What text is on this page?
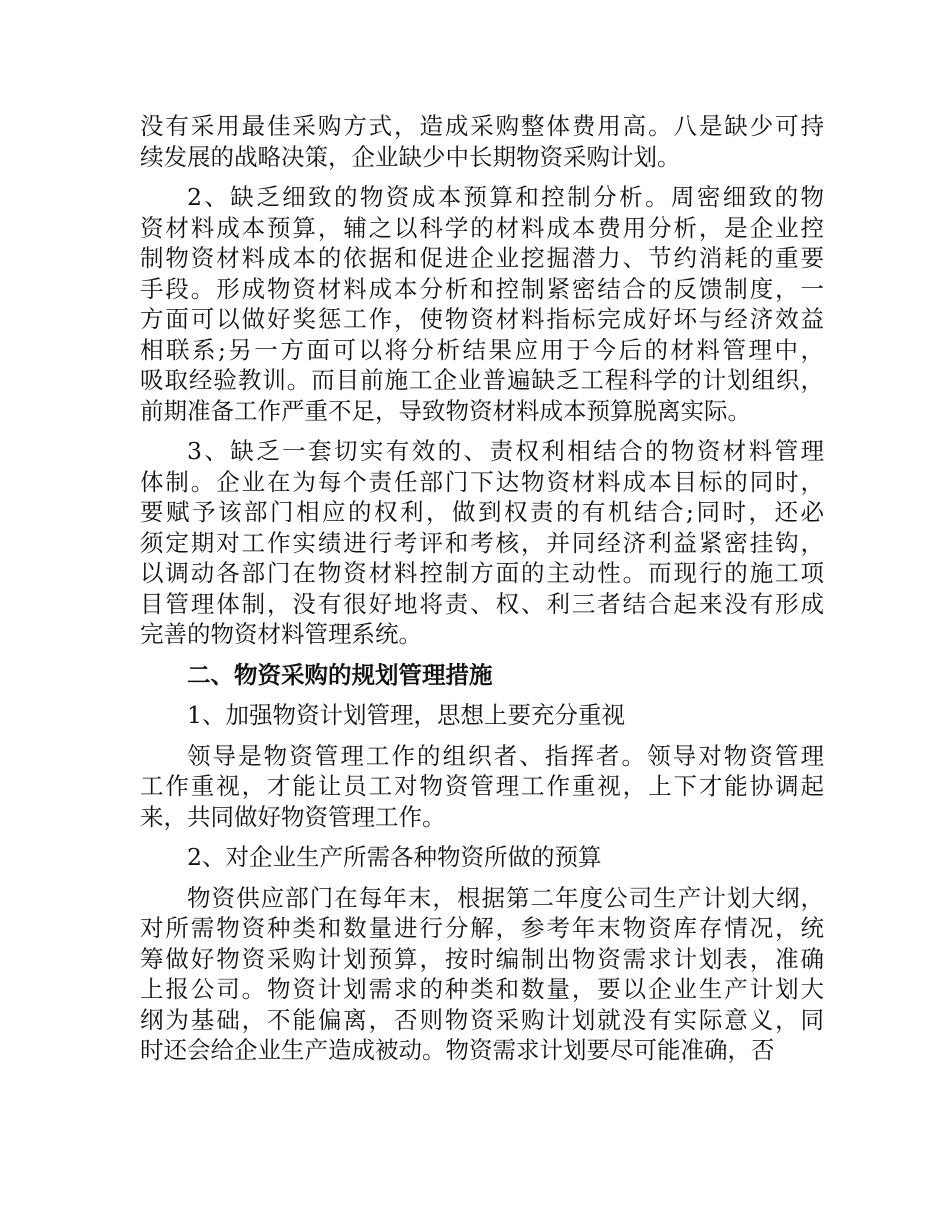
没有采用最佳采购方式，造成采购整体费用高。八是缺少可持
续发展的战略决策，企业缺少中长期物资采购计划。
2、缺乏细致的物资成本预算和控制分析。周密细致的物
资材料成本预算，辅之以科学的材料成本费用分析，是企业控
制物资材料成本的依据和促进企业挖掘潜力、节约消耗的重要
手段。形成物资材料成本分析和控制紧密结合的反馈制度，一
方面可以做好奖惩工作，使物资材料指标完成好坏与经济效益
相联系;另一方面可以将分析结果应用于今后的材料管理中，
吸取经验教训。而目前施工企业普遍缺乏工程科学的计划组织，
前期准备工作严重不足，导致物资材料成本预算脱离实际。
3、缺乏一套切实有效的、责权利相结合的物资材料管理
体制。企业在为每个责任部门下达物资材料成本目标的同时，
要赋予该部门相应的权利，做到权责的有机结合;同时，还必
须定期对工作实绩进行考评和考核，并同经济利益紧密挂钩，
以调动各部门在物资材料控制方面的主动性。而现行的施工项
目管理体制，没有很好地将责、权、利三者结合起来没有形成
完善的物资材料管理系统。
二、物资采购的规划管理措施
1、加强物资计划管理，思想上要充分重视
领导是物资管理工作的组织者、指挥者。领导对物资管理
工作重视，才能让员工对物资管理工作重视，上下才能协调起
来，共同做好物资管理工作。
2、对企业生产所需各种物资所做的预算
物资供应部门在每年末，根据第二年度公司生产计划大纲，
对所需物资种类和数量进行分解，参考年末物资库存情况，统
筹做好物资采购计划预算，按时编制出物资需求计划表，准确
上报公司。物资计划需求的种类和数量，要以企业生产计划大
纲为基础，不能偏离，否则物资采购计划就没有实际意义，同
时还会给企业生产造成被动。物资需求计划要尽可能准确，否
